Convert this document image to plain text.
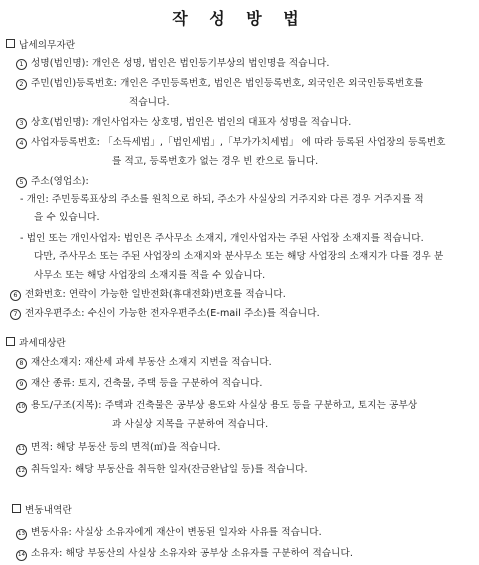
작 성 방 법
납세의무자란
1 성명(법인명): 개인은 성명, 법인은 법인등기부상의 법인명을 적습니다.
2 주민(법인)등록번호: 개인은 주민등록번호, 법인은 법인등록번호, 외국인은 외국인등록번호를
적습니다.
3 상호(법인명): 개인사업자는 상호명, 법인은 법인의 대표자 성명을 적습니다.
4 사업자등록번호: 「소득세법」,「법인세법」,「부가가치세법」 에 따라 등록된 사업장의 등록번호
를 적고, 등록번호가 없는 경우 빈 칸으로 둡니다.
5 주소(영업소):
- 개인: 주민등록표상의 주소를 원칙으로 하되, 주소가 사실상의 거주지와 다른 경우 거주지를 적
을 수 있습니다.
- 법인 또는 개인사업자: 법인은 주사무소 소재지, 개인사업자는 주된 사업장 소재지를 적습니다.
다만, 주사무소 또는 주된 사업장의 소재지와 분사무소 또는 해당 사업장의 소재지가 다를 경우 분
사무소 또는 해당 사업장의 소재지를 적을 수 있습니다.
6 전화번호: 연락이 가능한 일반전화(휴대전화)번호를 적습니다.
7 전자우편주소: 수신이 가능한 전자우편주소(E-mail 주소)를 적습니다.
과세대상란
8 재산소재지: 재산세 과세 부동산 소재지 지번을 적습니다.
9 재산 종류: 토지, 건축물, 주택 등을 구분하여 적습니다.
10 용도/구조(지목): 주택과 건축물은 공부상 용도와 사실상 용도 등을 구분하고, 토지는 공부상
과 사실상 지목을 구분하여 적습니다.
11 면적: 해당 부동산 등의 면적(㎡)을 적습니다.
12 취득일자: 해당 부동산을 취득한 일자(잔금완납일 등)를 적습니다.
변동내역란
13 변동사유: 사실상 소유자에게 재산이 변동된 일자와 사유를 적습니다.
14 소유자: 해당 부동산의 사실상 소유자와 공부상 소유자를 구분하여 적습니다.
